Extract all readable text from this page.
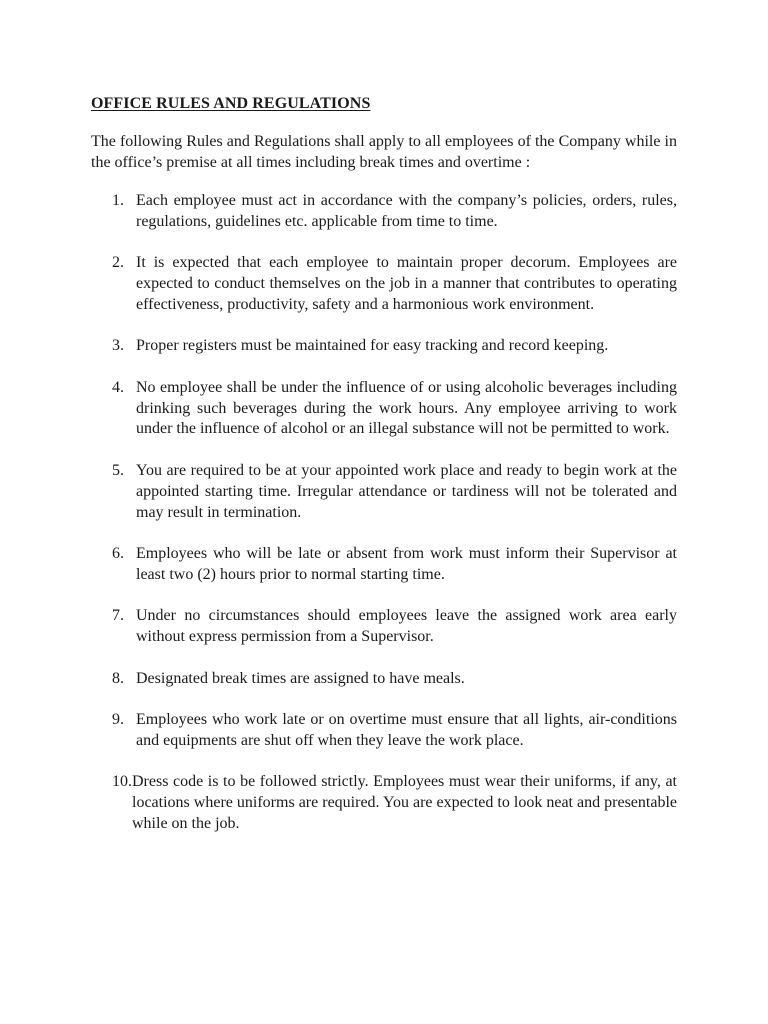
OFFICE RULES AND REGULATIONS

The following Rules and Regulations shall apply to all employees of the Company while in the office’s premise at all times including break times and overtime :

1. Each employee must act in accordance with the company’s policies, orders, rules, regulations, guidelines etc. applicable from time to time.
2. It is expected that each employee to maintain proper decorum. Employees are expected to conduct themselves on the job in a manner that contributes to operating effectiveness, productivity, safety and a harmonious work environment.
3. Proper registers must be maintained for easy tracking and record keeping.
4. No employee shall be under the influence of or using alcoholic beverages including drinking such beverages during the work hours. Any employee arriving to work under the influence of alcohol or an illegal substance will not be permitted to work.
5. You are required to be at your appointed work place and ready to begin work at the appointed starting time. Irregular attendance or tardiness will not be tolerated and may result in termination.
6. Employees who will be late or absent from work must inform their Supervisor at least two (2) hours prior to normal starting time.
7. Under no circumstances should employees leave the assigned work area early without express permission from a Supervisor.
8. Designated break times are assigned to have meals.
9. Employees who work late or on overtime must ensure that all lights, air-conditions and equipments are shut off when they leave the work place.
10. Dress code is to be followed strictly. Employees must wear their uniforms, if any, at locations where uniforms are required. You are expected to look neat and presentable while on the job.
